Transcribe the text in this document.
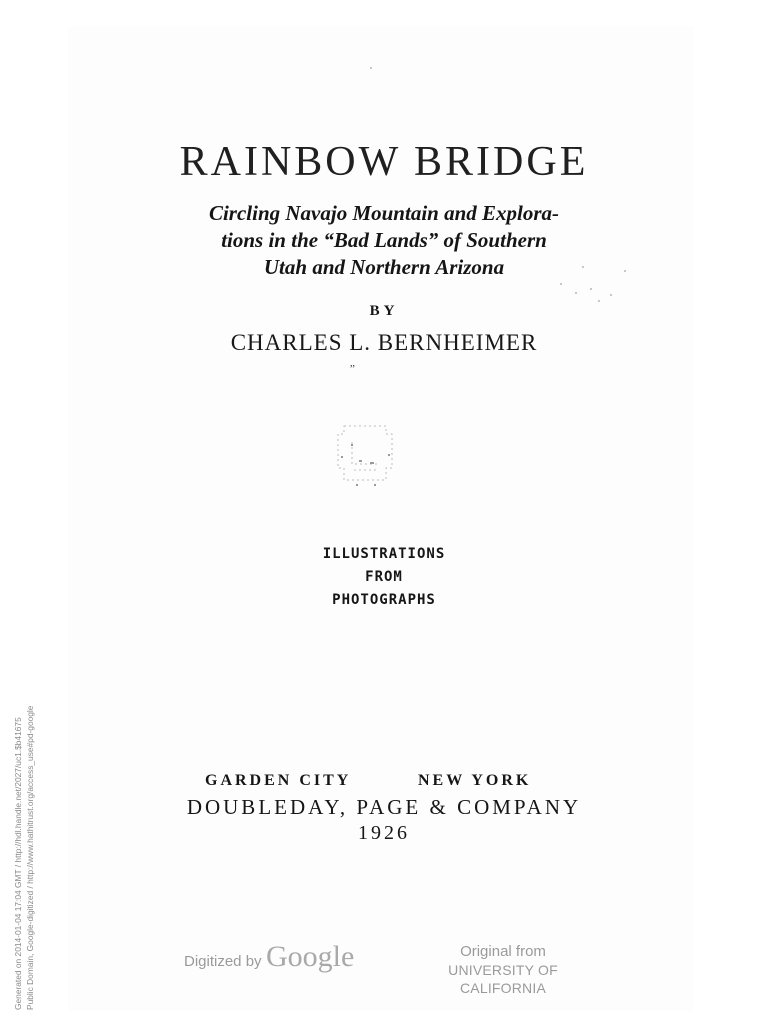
RAINBOW BRIDGE
Circling Navajo Mountain and Explora-
tions in the “Bad Lands” of Southern
Utah and Northern Arizona
BY
CHARLES L. BERNHEIMER
,,
ILLUSTRATIONS
FROM
PHOTOGRAPHS
GARDEN CITY	NEW YORK
DOUBLEDAY, PAGE & COMPANY
1926
Generated on 2014-01-04 17:04 GMT / http://hdl.handle.net/2027/uc1.$b41675 Public Domain, Google-digitized / http://www.hathitrust.org/access_use#pd-google	Digitized by Google	Original from
UNIVERSITY OF CALIFORNIA
